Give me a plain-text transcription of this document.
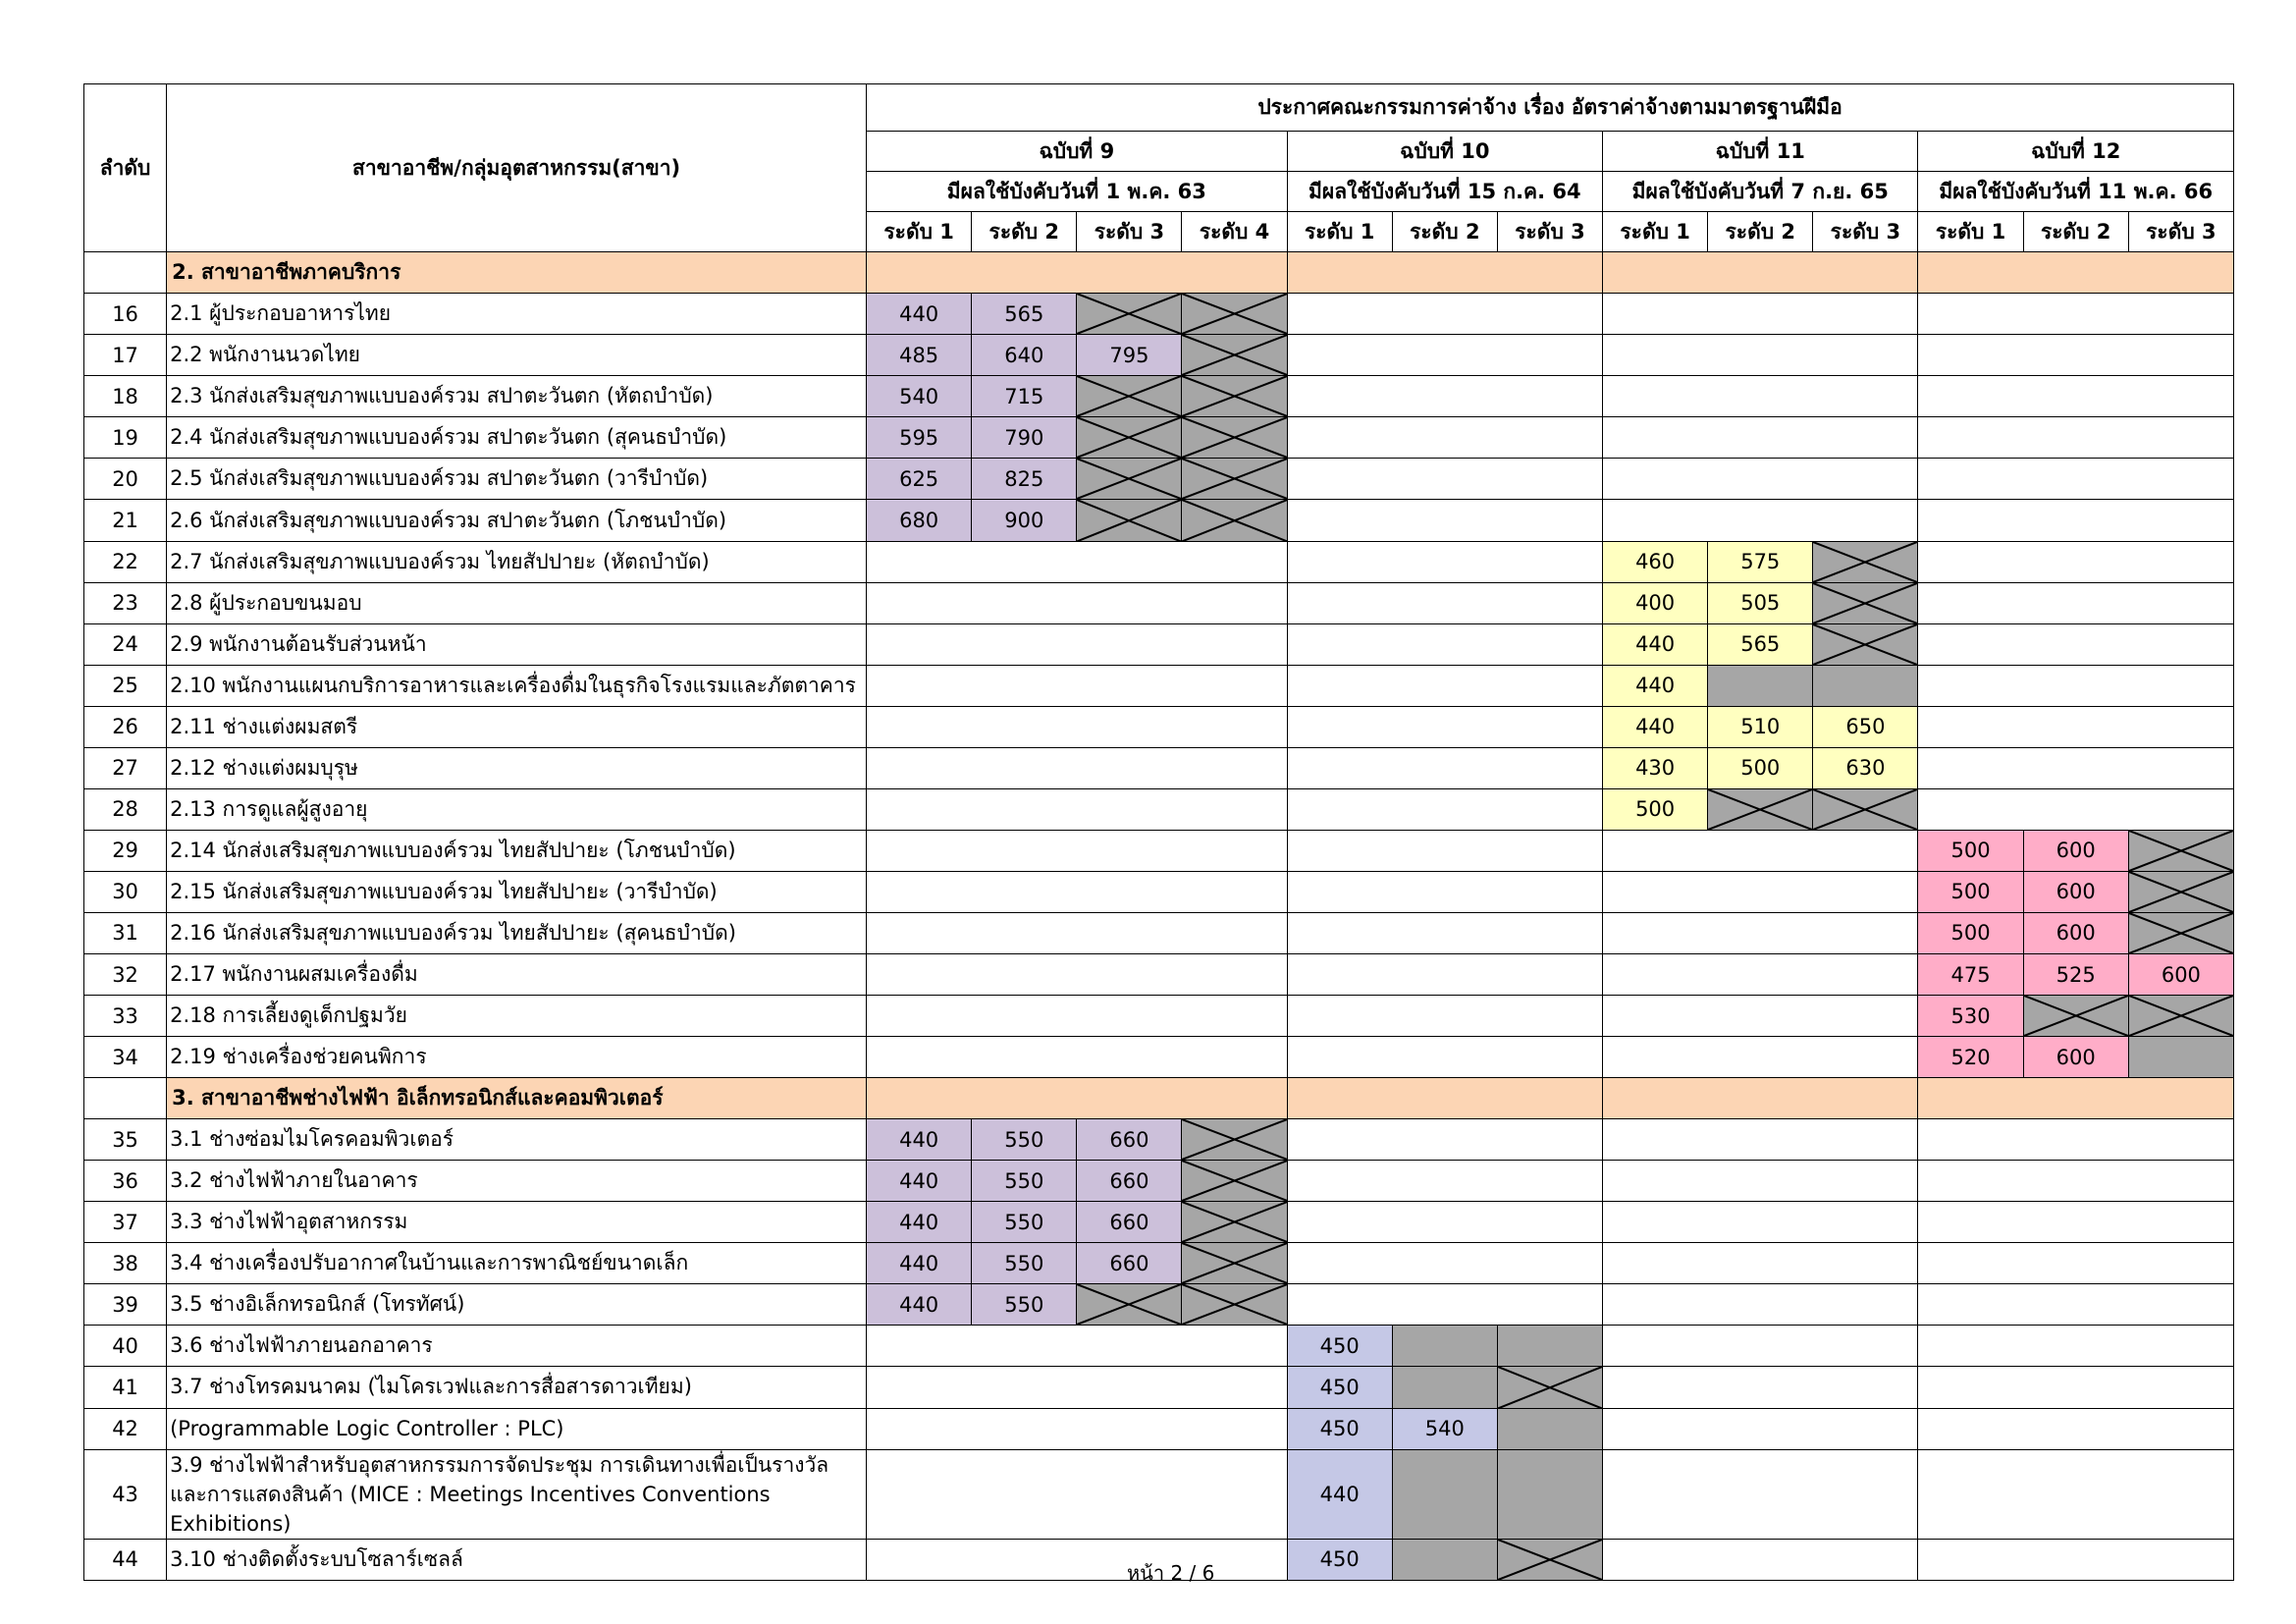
ลำดับ	สาขาอาชีพ/กลุ่มอุตสาหกรรม(สาขา)	ประกาศคณะกรรมการค่าจ้าง เรื่อง อัตราค่าจ้างตามมาตรฐานฝีมือ												
		ฉบับที่ 9				ฉบับที่ 10			ฉบับที่ 11			ฉบับที่ 12		
		มีผลใช้บังคับวันที่ 1 พ.ค. 63				มีผลใช้บังคับวันที่ 15 ก.ค. 64			มีผลใช้บังคับวันที่ 7 ก.ย. 65			มีผลใช้บังคับวันที่ 11 พ.ค. 66		
		ระดับ 1	ระดับ 2	ระดับ 3	ระดับ 4	ระดับ 1	ระดับ 2	ระดับ 3	ระดับ 1	ระดับ 2	ระดับ 3	ระดับ 1	ระดับ 2	ระดับ 3
	2. สาขาอาชีพภาคบริการ													
16	2.1 ผู้ประกอบอาหารไทย	440	565											
17	2.2 พนักงานนวดไทย	485	640	795										
18	2.3 นักส่งเสริมสุขภาพแบบองค์รวม สปาตะวันตก (หัตถบำบัด)	540	715											
19	2.4 นักส่งเสริมสุขภาพแบบองค์รวม สปาตะวันตก (สุคนธบำบัด)	595	790											
20	2.5 นักส่งเสริมสุขภาพแบบองค์รวม สปาตะวันตก (วารีบำบัด)	625	825											
21	2.6 นักส่งเสริมสุขภาพแบบองค์รวม สปาตะวันตก (โภชนบำบัด)	680	900											
22	2.7 นักส่งเสริมสุขภาพแบบองค์รวม ไทยสัปปายะ (หัตถบำบัด)								460	575				
23	2.8 ผู้ประกอบขนมอบ								400	505				
24	2.9 พนักงานต้อนรับส่วนหน้า								440	565				
25	2.10 พนักงานแผนกบริการอาหารและเครื่องดื่มในธุรกิจโรงแรมและภัตตาคาร								440					
26	2.11 ช่างแต่งผมสตรี								440	510	650			
27	2.12 ช่างแต่งผมบุรุษ								430	500	630			
28	2.13 การดูแลผู้สูงอายุ								500					
29	2.14 นักส่งเสริมสุขภาพแบบองค์รวม ไทยสัปปายะ (โภชนบำบัด)											500	600	
30	2.15 นักส่งเสริมสุขภาพแบบองค์รวม ไทยสัปปายะ (วารีบำบัด)											500	600	
31	2.16 นักส่งเสริมสุขภาพแบบองค์รวม ไทยสัปปายะ (สุคนธบำบัด)											500	600	
32	2.17 พนักงานผสมเครื่องดื่ม											475	525	600
33	2.18 การเลี้ยงดูเด็กปฐมวัย											530		
34	2.19 ช่างเครื่องช่วยคนพิการ											520	600	
	3. สาขาอาชีพช่างไฟฟ้า อิเล็กทรอนิกส์และคอมพิวเตอร์													
35	3.1 ช่างซ่อมไมโครคอมพิวเตอร์	440	550	660										
36	3.2 ช่างไฟฟ้าภายในอาคาร	440	550	660										
37	3.3 ช่างไฟฟ้าอุตสาหกรรม	440	550	660										
38	3.4 ช่างเครื่องปรับอากาศในบ้านและการพาณิชย์ขนาดเล็ก	440	550	660										
39	3.5 ช่างอิเล็กทรอนิกส์ (โทรทัศน์)	440	550											
40	3.6 ช่างไฟฟ้าภายนอกอาคาร					450								
41	3.7 ช่างโทรคมนาคม (ไมโครเวฟและการสื่อสารดาวเทียม)					450								
42	(Programmable Logic Controller : PLC)					450	540							
43	3.9 ช่างไฟฟ้าสำหรับอุตสาหกรรมการจัดประชุม การเดินทางเพื่อเป็นรางวัล
และการแสดงสินค้า (MICE : Meetings Incentives Conventions Exhibitions)					440								
44	3.10 ช่างติดตั้งระบบโซลาร์เซลล์					450								
หน้า 2 / 6
